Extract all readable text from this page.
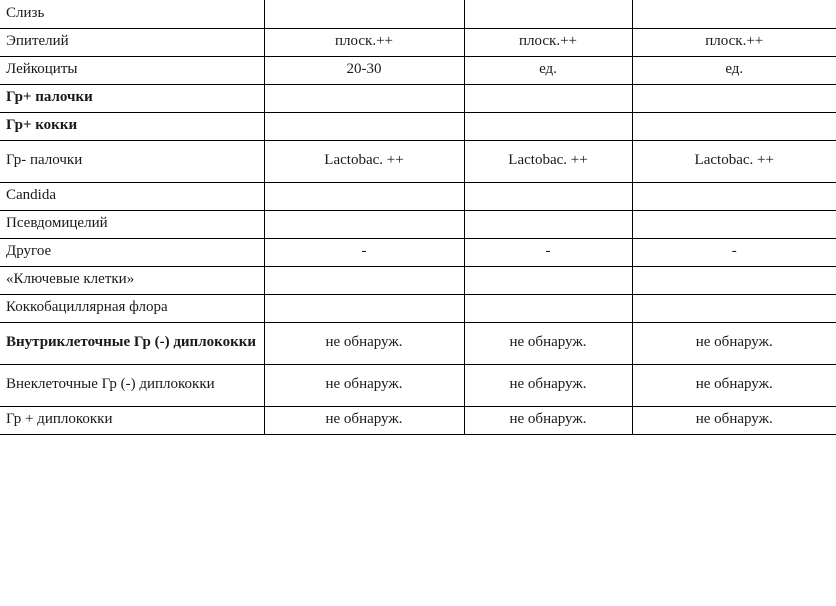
Слизь			
Эпителий	плоск.++	плоск.++	плоск.++
Лейкоциты	20-30	ед.	ед.
Гр+ палочки			
Гр+ кокки			
Гр- палочки	Lactobac. ++	Lactobac. ++	Lactobac. ++
Candida			
Псевдомицелий			
Другое	-	-	-
«Ключевые клетки»			
Коккобациллярная флора			
Внутриклеточные Гр (-) диплококки	не обнаруж.	не обнаруж.	не обнаруж.
Внеклеточные Гр (-) диплококки	не обнаруж.	не обнаруж.	не обнаруж.
Гр + диплококки	не обнаруж.	не обнаруж.	не обнаруж.
